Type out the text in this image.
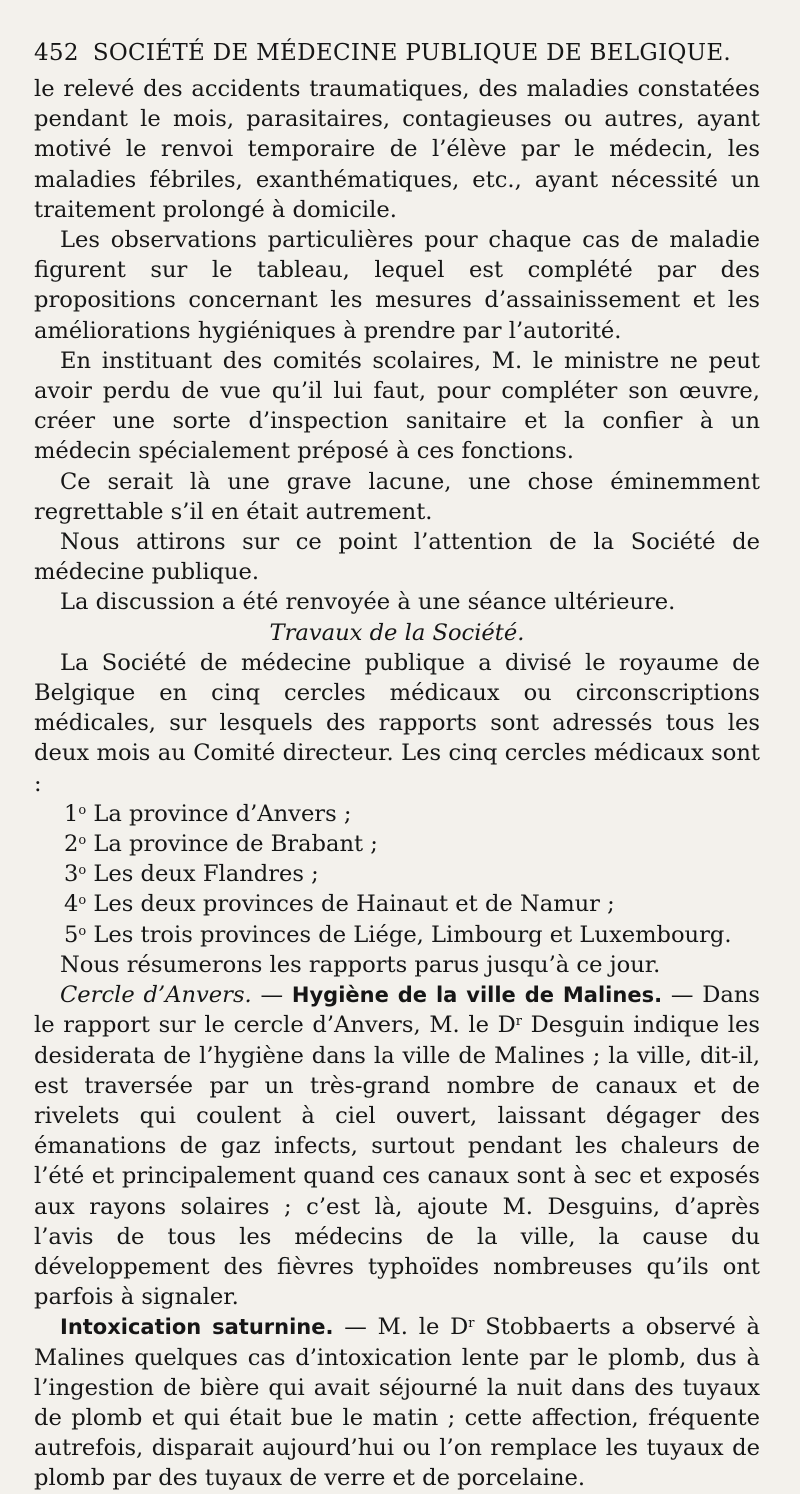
452 SOCIÉTÉ DE MÉDECINE PUBLIQUE DE BELGIQUE.

le relevé des accidents traumatiques, des maladies constatées pendant le mois, parasitaires, contagieuses ou autres, ayant motivé le renvoi temporaire de l’élève par le médecin, les maladies fébriles, exanthématiques, etc., ayant nécessité un traitement prolongé à domicile.

Les observations particulières pour chaque cas de maladie figurent sur le tableau, lequel est complété par des propositions concernant les mesures d’assainissement et les améliorations hygiéniques à prendre par l’autorité.

En instituant des comités scolaires, M. le ministre ne peut avoir perdu de vue qu’il lui faut, pour compléter son œuvre, créer une sorte d’inspection sanitaire et la confier à un médecin spécialement préposé à ces fonctions.

Ce serait là une grave lacune, une chose éminemment regrettable s’il en était autrement.

Nous attirons sur ce point l’attention de la Société de médecine publique.

La discussion a été renvoyée à une séance ultérieure.

Travaux de la Société.

La Société de médecine publique a divisé le royaume de Belgique en cinq cercles médicaux ou circonscriptions médicales, sur lesquels des rapports sont adressés tous les deux mois au Comité directeur. Les cinq cercles médicaux sont :

1$^o$ La province d’Anvers ;

2$^o$ La province de Brabant ;

3$^o$ Les deux Flandres ;

4$^o$ Les deux provinces de Hainaut et de Namur ;

5$^o$ Les trois provinces de Liége, Limbourg et Luxembourg.

Nous résumerons les rapports parus jusqu’à ce jour.

Cercle d’Anvers. — Hygiène de la ville de Malines. — Dans le rapport sur le cercle d’Anvers, M. le $D^r$ Desguin indique les desiderata de l’hygiène dans la ville de Malines ; la ville, dit-il, est traversée par un très-grand nombre de canaux et de rivelets qui coulent à ciel ouvert, laissant dégager des émanations de gaz infects, surtout pendant les chaleurs de l’été et principalement quand ces canaux sont à sec et exposés aux rayons solaires ; c’est là, ajoute M. Desguins, d’après l’avis de tous les médecins de la ville, la cause du développement des fièvres typhoïdes nombreuses qu’ils ont parfois à signaler.

Intoxication saturnine. — M. le $D^r$ Stobbaerts a observé à Malines quelques cas d’intoxication lente par le plomb, dus à l’ingestion de bière qui avait séjourné la nuit dans des tuyaux de plomb et qui était bue le matin ; cette affection, fréquente autrefois, disparait aujourd’hui ou l’on remplace les tuyaux de plomb par des tuyaux de verre et de porcelaine.
